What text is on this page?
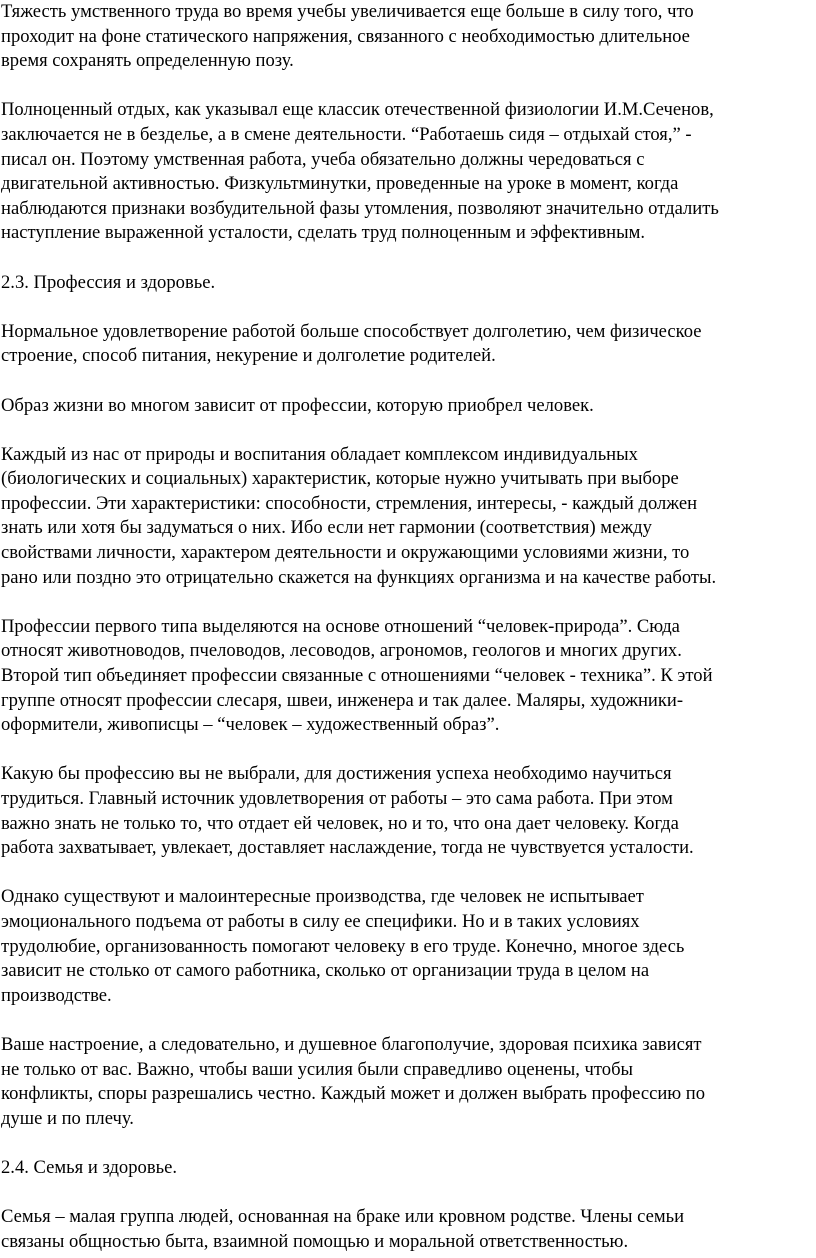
Тяжесть умственного труда во время учебы увеличивается еще больше в силу того, что
проходит на фоне статического напряжения, связанного с необходимостью длительное
время сохранять определенную позу.
Полноценный отдых, как указывал еще классик отечественной физиологии И.М.Сеченов,
заключается не в безделье, а в смене деятельности. “Работаешь сидя – отдыхай стоя,” -
писал он. Поэтому умственная работа, учеба обязательно должны чередоваться с
двигательной активностью. Физкультминутки, проведенные на уроке в момент, когда
наблюдаются признаки возбудительной фазы утомления, позволяют значительно отдалить
наступление выраженной усталости, сделать труд полноценным и эффективным.
2.3. Профессия и здоровье.
Нормальное удовлетворение работой больше способствует долголетию, чем физическое
строение, способ питания, некурение и долголетие родителей.
Образ жизни во многом зависит от профессии, которую приобрел человек.
Каждый из нас от природы и воспитания обладает комплексом индивидуальных
(биологических и социальных) характеристик, которые нужно учитывать при выборе
профессии. Эти характеристики: способности, стремления, интересы, - каждый должен
знать или хотя бы задуматься о них. Ибо если нет гармонии (соответствия) между
свойствами личности, характером деятельности и окружающими условиями жизни, то
рано или поздно это отрицательно скажется на функциях организма и на качестве работы.
Профессии первого типа выделяются на основе отношений “человек-природа”. Сюда
относят животноводов, пчеловодов, лесоводов, агрономов, геологов и многих других.
Второй тип объединяет профессии связанные с отношениями “человек - техника”. К этой
группе относят профессии слесаря, швеи, инженера и так далее. Маляры, художники-
оформители, живописцы – “человек – художественный образ”.
Какую бы профессию вы не выбрали, для достижения успеха необходимо научиться
трудиться. Главный источник удовлетворения от работы – это сама работа. При этом
важно знать не только то, что отдает ей человек, но и то, что она дает человеку. Когда
работа захватывает, увлекает, доставляет наслаждение, тогда не чувствуется усталости.
Однако существуют и малоинтересные производства, где человек не испытывает
эмоционального подъема от работы в силу ее специфики. Но и в таких условиях
трудолюбие, организованность помогают человеку в его труде. Конечно, многое здесь
зависит не столько от самого работника, сколько от организации труда в целом на
производстве.
Ваше настроение, а следовательно, и душевное благополучие, здоровая психика зависят
не только от вас. Важно, чтобы ваши усилия были справедливо оценены, чтобы
конфликты, споры разрешались честно. Каждый может и должен выбрать профессию по
душе и по плечу.
2.4. Семья и здоровье.
Семья – малая группа людей, основанная на браке или кровном родстве. Члены семьи
связаны общностью быта, взаимной помощью и моральной ответственностью.
